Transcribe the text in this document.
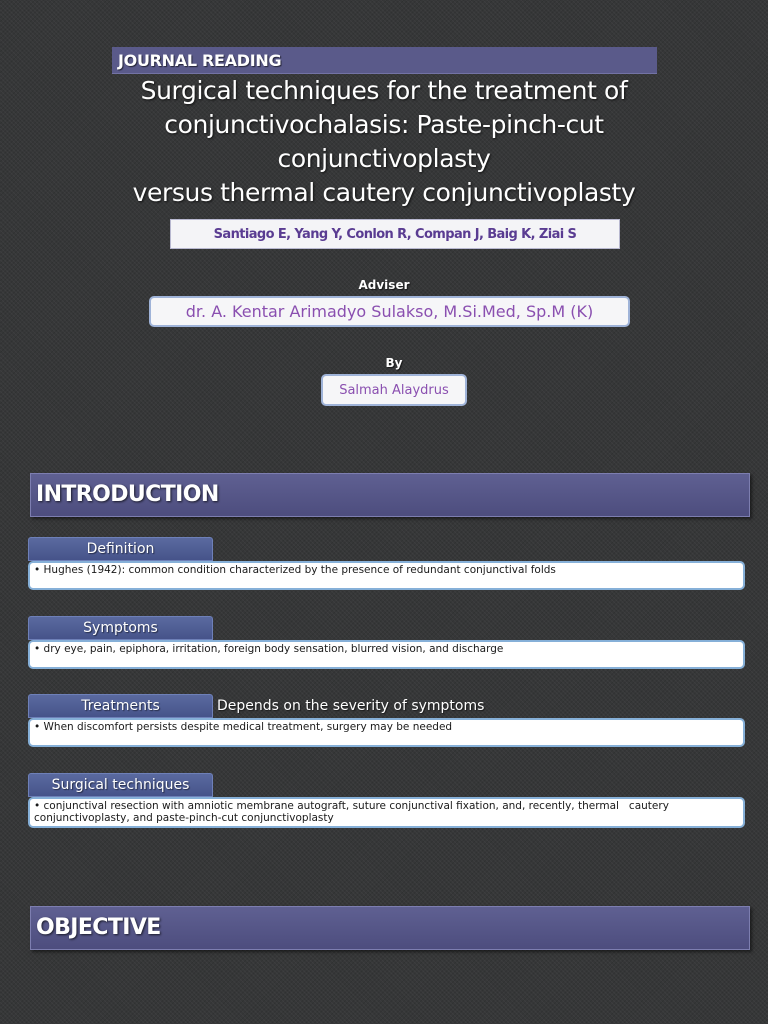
JOURNAL READING
Surgical techniques for the treatment of
conjunctivochalasis: Paste-pinch-cut
conjunctivoplasty
versus thermal cautery conjunctivoplasty
Santiago E, Yang Y, Conlon R, Compan J, Baig K, Ziai S
Adviser
dr. A. Kentar Arimadyo Sulakso, M.Si.Med, Sp.M (K)
By
Salmah Alaydrus
INTRODUCTION
Definition
• Hughes (1942): common condition characterized by the presence of redundant conjunctival folds
Symptoms
• dry eye, pain, epiphora, irritation, foreign body sensation, blurred vision, and discharge
Treatments	Depends on the severity of symptoms
• When discomfort persists despite medical treatment, surgery may be needed
Surgical techniques
• conjunctival resection with amniotic membrane autograft, suture conjunctival fixation, and, recently, thermal   cautery conjunctivoplasty, and paste-pinch-cut conjunctivoplasty
OBJECTIVE
